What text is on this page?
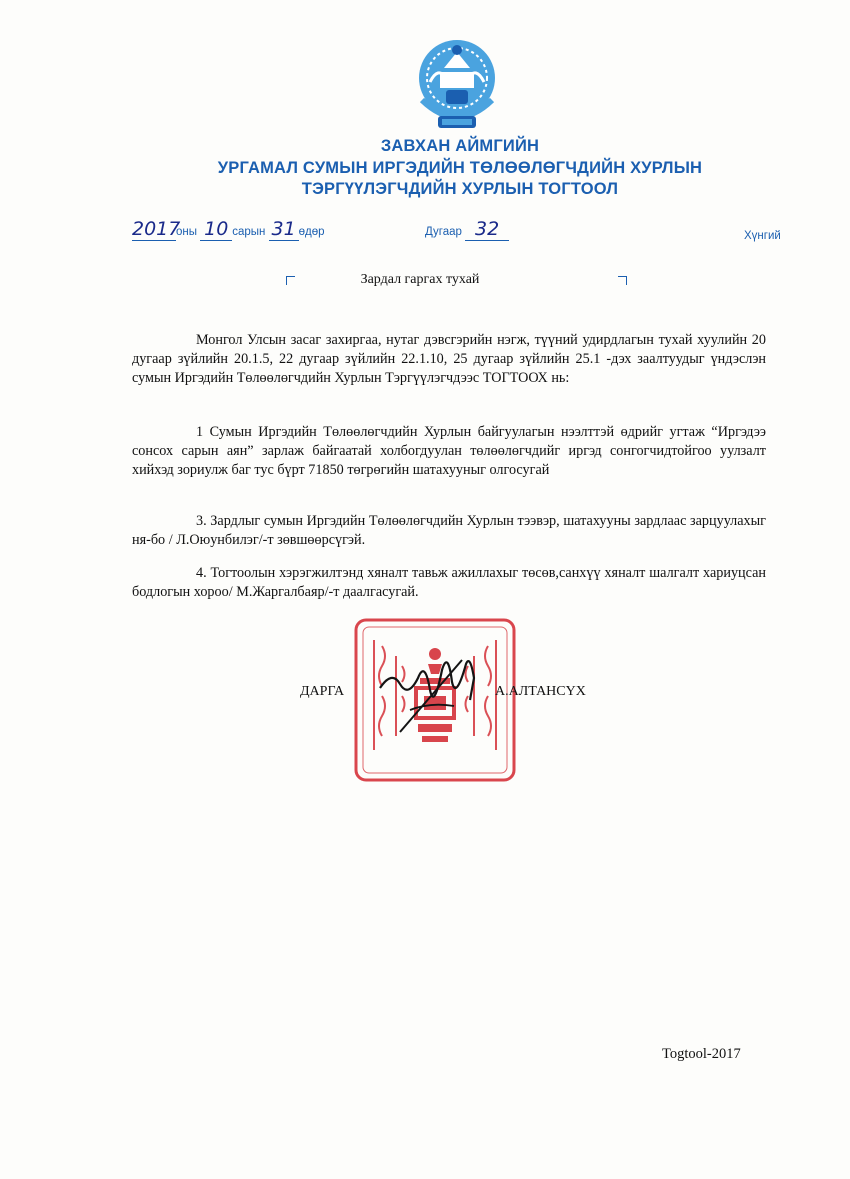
ЗАВХАН АЙМГИЙН
УРГАМАЛ СУМЫН ИРГЭДИЙН ТӨЛӨӨЛӨГЧДИЙН ХУРЛЫН
ТЭРГҮҮЛЭГЧДИЙН ХУРЛЫН ТОГТООЛ
2017оны 10 сарын 31 өдөр	Дугаар 32	Хүнгий
Зардал гаргах тухай
Монгол Улсын засаг захиргаа, нутаг дэвсгэрийн нэгж, түүний удирдлагын тухай хуулийн 20 дугаар зүйлийн 20.1.5, 22 дугаар зүйлийн 22.1.10, 25 дугаар зүйлийн 25.1 -дэх заалтуудыг үндэслэн сумын Иргэдийн Төлөөлөгчдийн Хурлын Тэргүүлэгчдээс ТОГТООХ нь:
1 Сумын Иргэдийн Төлөөлөгчдийн Хурлын байгуулагын нээлттэй өдрийг угтаж “Иргэдээ сонсох сарын аян” зарлаж байгаатай холбогдуулан төлөөлөгчдийг иргэд сонгогчидтойгоо уулзалт хийхэд зориулж баг тус бүрт 71850 төгрөгийн шатахууныг олгосугай
3. Зардлыг сумын Иргэдийн Төлөөлөгчдийн Хурлын тээвэр, шатахууны зардлаас зарцуулахыг ня-бо / Л.Оюунбилэг/-т зөвшөөрсүгэй.
4. Тогтоолын хэрэгжилтэнд хяналт тавьж ажиллахыг төсөв,санхүү хяналт шалгалт хариуцсан бодлогын хороо/ М.Жаргалбаяр/-т даалгасугай.
ДАРГА	А.АЛТАНСҮХ
Togtool-2017
